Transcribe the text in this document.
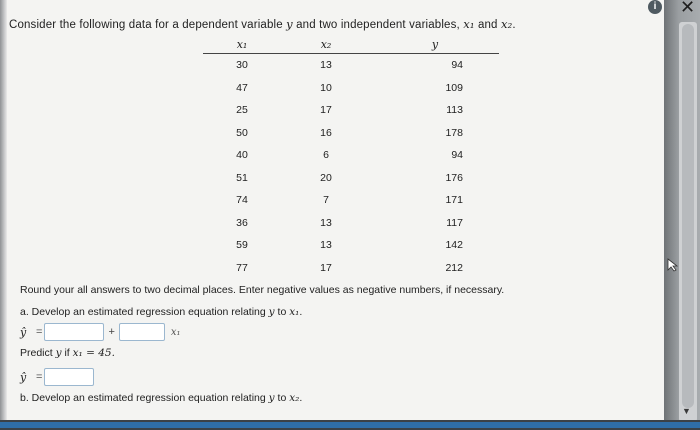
Consider the following data for a dependent variable y and two independent variables, x₁ and x₂.
x₁	x₂	y
30	13	94
47	10	109
25	17	113
50	16	178
40	6	94
51	20	176
74	7	171
36	13	117
59	13	142
77	17	212
Round your all answers to two decimal places. Enter negative values as negative numbers, if necessary.
a. Develop an estimated regression equation relating y to x₁.
ŷ =	+	x₁
Predict y if x₁ = 45.
ŷ =
b. Develop an estimated regression equation relating y to x₂.
i	✕
▼
